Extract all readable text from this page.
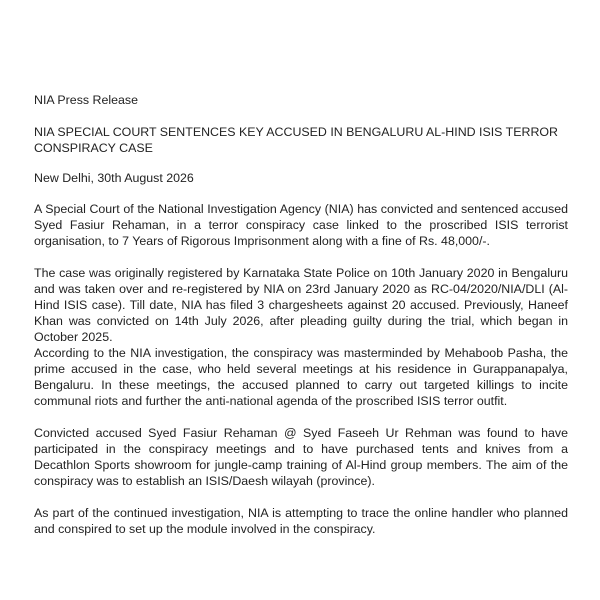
NIA Press Release

NIA SPECIAL COURT SENTENCES KEY ACCUSED IN BENGALURU AL-HIND ISIS TERROR CONSPIRACY CASE

New Delhi, 30th August 2026

A Special Court of the National Investigation Agency (NIA) has convicted and sentenced accused Syed Fasiur Rehaman, in a terror conspiracy case linked to the proscribed ISIS terrorist organisation, to 7 Years of Rigorous Imprisonment along with a fine of Rs. 48,000/-.

The case was originally registered by Karnataka State Police on 10th January 2020 in Bengaluru and was taken over and re-registered by NIA on 23rd January 2020 as RC-04/2020/NIA/DLI (Al-Hind ISIS case). Till date, NIA has filed 3 chargesheets against 20 accused. Previously, Haneef Khan was convicted on 14th July 2026, after pleading guilty during the trial, which began in October 2025.

According to the NIA investigation, the conspiracy was masterminded by Mehaboob Pasha, the prime accused in the case, who held several meetings at his residence in Gurappanapalya, Bengaluru. In these meetings, the accused planned to carry out targeted killings to incite communal riots and further the anti-national agenda of the proscribed ISIS terror outfit.

Convicted accused Syed Fasiur Rehaman @ Syed Faseeh Ur Rehman was found to have participated in the conspiracy meetings and to have purchased tents and knives from a Decathlon Sports showroom for jungle-camp training of Al-Hind group members. The aim of the conspiracy was to establish an ISIS/Daesh wilayah (province).

As part of the continued investigation, NIA is attempting to trace the online handler who planned and conspired to set up the module involved in the conspiracy.
